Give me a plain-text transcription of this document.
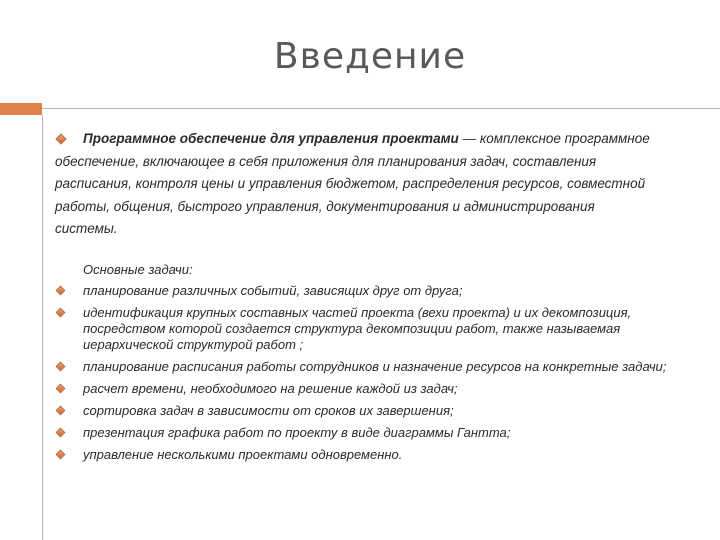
Введение

Программное обеспечение для управления проектами — комплексное программное обеспечение, включающее в себя приложения для планирования задач, составления расписания, контроля цены и управления бюджетом, распределения ресурсов, совместной работы, общения, быстрого управления, документирования и администрирования системы.

Основные задачи:
планирование различных событий, зависящих друг от друга;
идентификация крупных составных частей проекта (вехи проекта) и их декомпозиция, посредством которой создается структура декомпозиции работ, также называемая иерархической структурой работ ;
планирование расписания работы сотрудников и назначение ресурсов на конкретные задачи;
расчет времени, необходимого на решение каждой из задач;
сортировка задач в зависимости от сроков их завершения;
презентация графика работ по проекту в виде диаграммы Гантта;
управление несколькими проектами одновременно.
